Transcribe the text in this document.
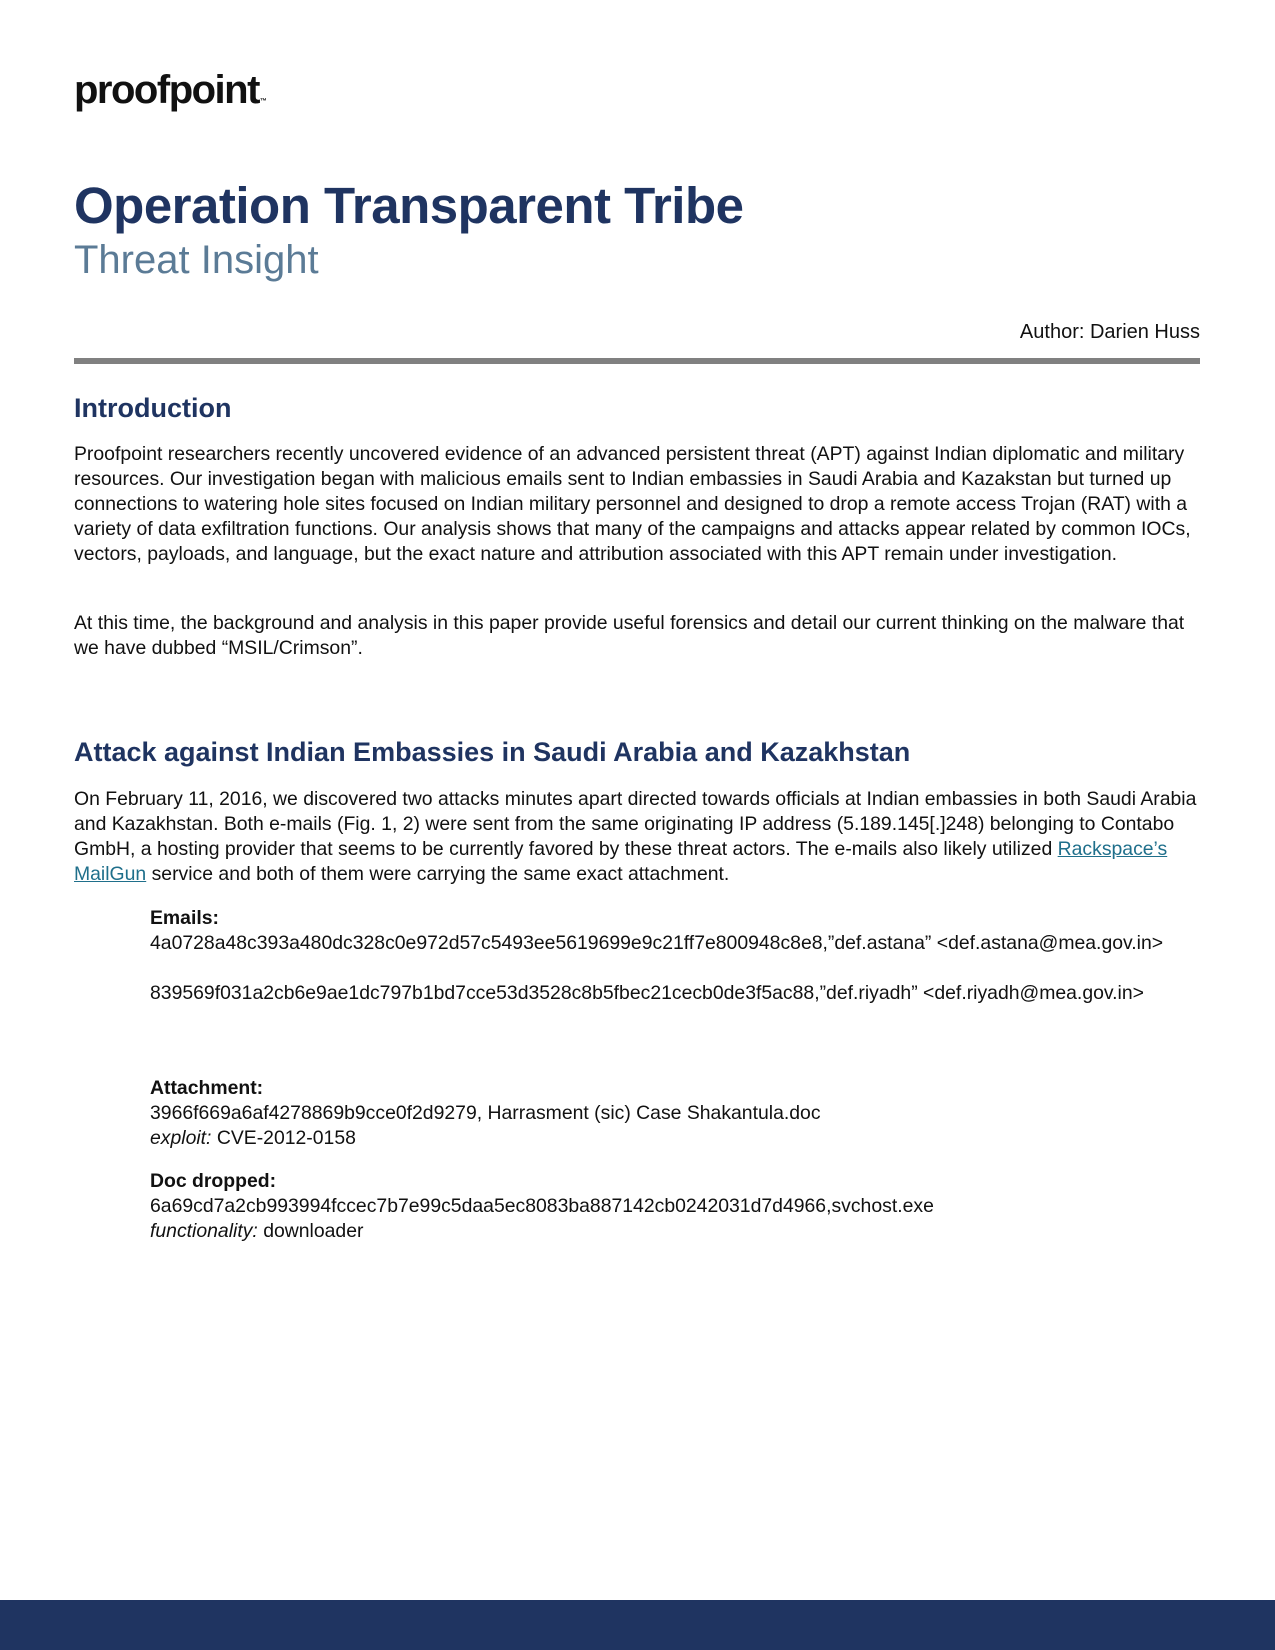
proofpoint™
Operation Transparent Tribe
Threat Insight
Author: Darien Huss
Introduction

Proofpoint researchers recently uncovered evidence of an advanced persistent threat (APT) against Indian diplomatic and military resources. Our investigation began with malicious emails sent to Indian embassies in Saudi Arabia and Kazakstan but turned up connections to watering hole sites focused on Indian military personnel and designed to drop a remote access Trojan (RAT) with a variety of data exfiltration functions. Our analysis shows that many of the campaigns and attacks appear related by common IOCs, vectors, payloads, and language, but the exact nature and attribution associated with this APT remain under investigation.

At this time, the background and analysis in this paper provide useful forensics and detail our current thinking on the malware that we have dubbed “MSIL/Crimson”.

Attack against Indian Embassies in Saudi Arabia and Kazakhstan

On February 11, 2016, we discovered two attacks minutes apart directed towards officials at Indian embassies in both Saudi Arabia and Kazakhstan. Both e-mails (Fig. 1, 2) were sent from the same originating IP address (5.189.145[.]248) belonging to Contabo GmbH, a hosting provider that seems to be currently favored by these threat actors. The e-mails also likely utilized Rackspace’s MailGun service and both of them were carrying the same exact attachment.

Emails:
4a0728a48c393a480dc328c0e972d57c5493ee5619699e9c21ff7e800948c8e8,”def.astana” <def.astana@mea.gov.in>
839569f031a2cb6e9ae1dc797b1bd7cce53d3528c8b5fbec21cecb0de3f5ac88,”def.riyadh” <def.riyadh@mea.gov.in>
Attachment:
3966f669a6af4278869b9cce0f2d9279, Harrasment (sic) Case Shakantula.doc
exploit: CVE-2012-0158
Doc dropped:
6a69cd7a2cb993994fccec7b7e99c5daa5ec8083ba887142cb0242031d7d4966,svchost.exe
functionality: downloader
